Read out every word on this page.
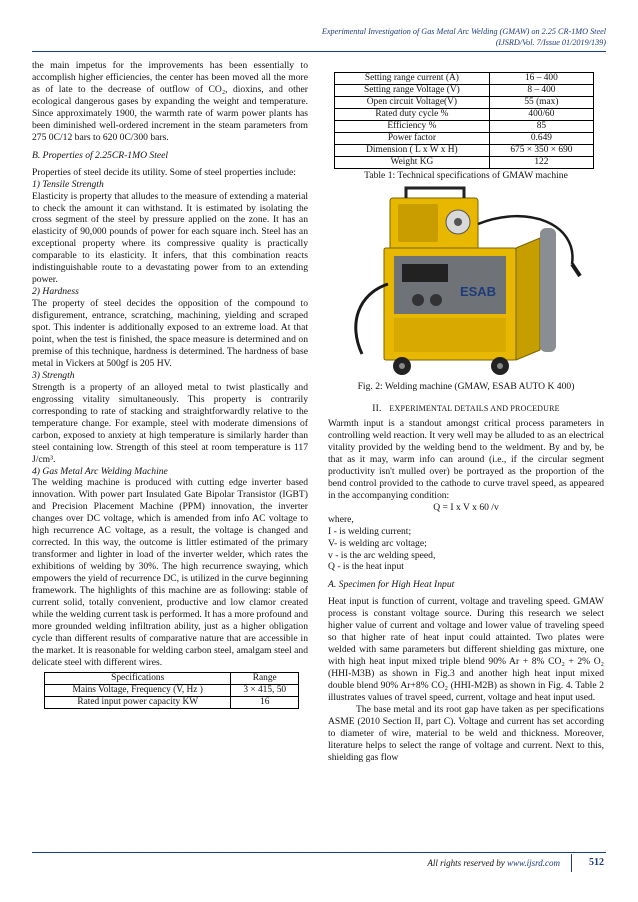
Experimental Investigation of Gas Metal Arc Welding (GMAW) on 2.25 CR-1MO Steel
(IJSRD/Vol. 7/Issue 01/2019/139)

the main impetus for the improvements has been essentially to accomplish higher efficiencies, the center has been moved all the more as of late to the decrease of outflow of CO₂, dioxins, and other ecological dangerous gases by expanding the weight and temperature. Since approximately 1900, the warmth rate of warm power plants has been diminished well-ordered increment in the steam parameters from 275 0C/12 bars to 620 0C/300 bars.

B. Properties of 2.25CR-1MO Steel

Properties of steel decide its utility. Some of steel properties include:

1) Tensile Strength

Elasticity is property that alludes to the measure of extending a material to check the amount it can withstand. It is estimated by isolating the cross segment of the steel by pressure applied on the zone. It has an elasticity of 90,000 pounds of power for each square inch. Steel has an exceptional property where its compressive quality is practically comparable to its elasticity. It infers, that this combination reacts indistinguishable route to a devastating power from to an extending power.

2) Hardness

The property of steel decides the opposition of the compound to disfigurement, entrance, scratching, machining, yielding and scraped spot. This indenter is additionally exposed to an extreme load. At that point, when the test is finished, the space measure is determined and on premise of this technique, hardness is determined. The hardness of base metal in Vickers at 500gf is 205 HV.

3) Strength

Strength is a property of an alloyed metal to twist plastically and engrossing vitality simultaneously. This property is contrarily corresponding to rate of stacking and straightforwardly relative to the temperature change. For example, steel with moderate dimensions of carbon, exposed to anxiety at high temperature is similarly harder than steel containing low. Strength of this steel at room temperature is 117 J/cm³.

4) Gas Metal Arc Welding Machine

The welding machine is produced with cutting edge inverter based innovation. With power part Insulated Gate Bipolar Transistor (IGBT) and Precision Placement Machine (PPM) innovation, the inverter changes over DC voltage, which is amended from info AC voltage to high recurrence AC voltage, as a result, the voltage is changed and corrected. In this way, the outcome is littler estimated of the primary transformer and lighter in load of the inverter welder, which rates the exhibitions of welding by 30%. The high recurrence swaying, which empowers the yield of recurrence DC, is utilized in the curve beginning framework. The highlights of this machine are as following: stable of current solid, totally convenient, productive and low clamor created while the welding current task is performed. It has a more profound and more grounded welding infiltration ability, just as a higher obligation cycle than different results of comparative nature that are accessible in the market. It is reasonable for welding carbon steel, amalgam steel and delicate steel with different wires.

Specifications	Range
Mains Voltage, Frequency (V, Hz )	3 × 415, 50
Rated input power capacity KW	16
Setting range current (A)	16 – 400
Setting range Voltage (V)	8 – 400
Open circuit Voltage(V)	55 (max)
Rated duty cycle %	400/60
Efficiency %	85
Power factor	0.649
Dimension ( L x W x H)	675 × 350 × 690
Weight KG	122
Table 1: Technical specifications of GMAW machine
ESAB
Fig. 2: Welding machine (GMAW, ESAB AUTO K 400)
II. EXPERIMENTAL DETAILS AND PROCEDURE

Warmth input is a standout amongst critical process parameters in controlling weld reaction. It very well may be alluded to as an electrical vitality provided by the welding bend to the weldment. By and by, be that as it may, warm info can around (i.e., if the circular segment productivity isn't mulled over) be portrayed as the proportion of the bend control provided to the cathode to curve travel speed, as appeared in the accompanying condition:

Q = I x V x 60 /v

where,

I - is welding current;

V- is welding arc voltage;

v - is the arc welding speed,

Q - is the heat input

A. Specimen for High Heat Input

Heat input is function of current, voltage and traveling speed. GMAW process is constant voltage source. During this research we select higher value of current and voltage and lower value of traveling speed so that higher rate of heat input could attainted. Two plates were welded with same parameters but different shielding gas mixture, one with high heat input mixed triple blend 90% Ar + 8% CO₂ + 2% O₂ (HHI-M3B) as shown in Fig.3 and another high heat input mixed double blend 90% Ar+8% CO₂ (HHI-M2B) as shown in Fig. 4. Table 2 illustrates values of travel speed, current, voltage and heat input used.

The base metal and its root gap have taken as per specifications ASME (2010 Section II, part C). Voltage and current has set according to diameter of wire, material to be weld and thickness. Moreover, literature helps to select the range of voltage and current. Next to this, shielding gas flow

All rights reserved by www.ijsrd.com	512
